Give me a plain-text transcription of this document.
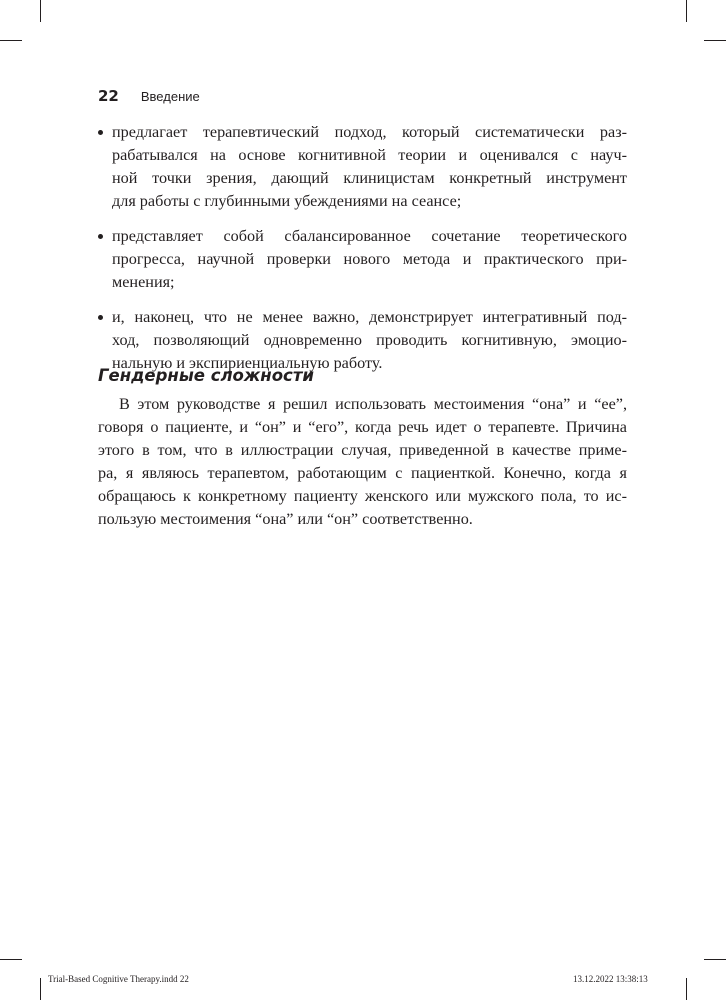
22 Введение
предлагает терапевтический подход, который систематически раз-
рабатывался на основе когнитивной теории и оценивался с науч-
ной точки зрения, дающий клиницистам конкретный инструмент
для работы с глубинными убеждениями на сеансе;
представляет собой сбалансированное сочетание теоретического
прогресса, научной проверки нового метода и практического при-
менения;
и, наконец, что не менее важно, демонстрирует интегративный под-
ход, позволяющий одновременно проводить когнитивную, эмоцио-
нальную и экспириенциальную работу.
Гендерные сложности
В этом руководстве я решил использовать местоимения “она” и “ее”,
говоря о пациенте, и “он” и “его”, когда речь идет о терапевте. Причина
этого в том, что в иллюстрации случая, приведенной в качестве приме-
ра, я являюсь терапевтом, работающим с пациенткой. Конечно, когда я
обращаюсь к конкретному пациенту женского или мужского пола, то ис-
пользую местоимения “она” или “он” соответственно.
Trial-Based Cognitive Therapy.indd 22	13.12.2022 13:38:13
